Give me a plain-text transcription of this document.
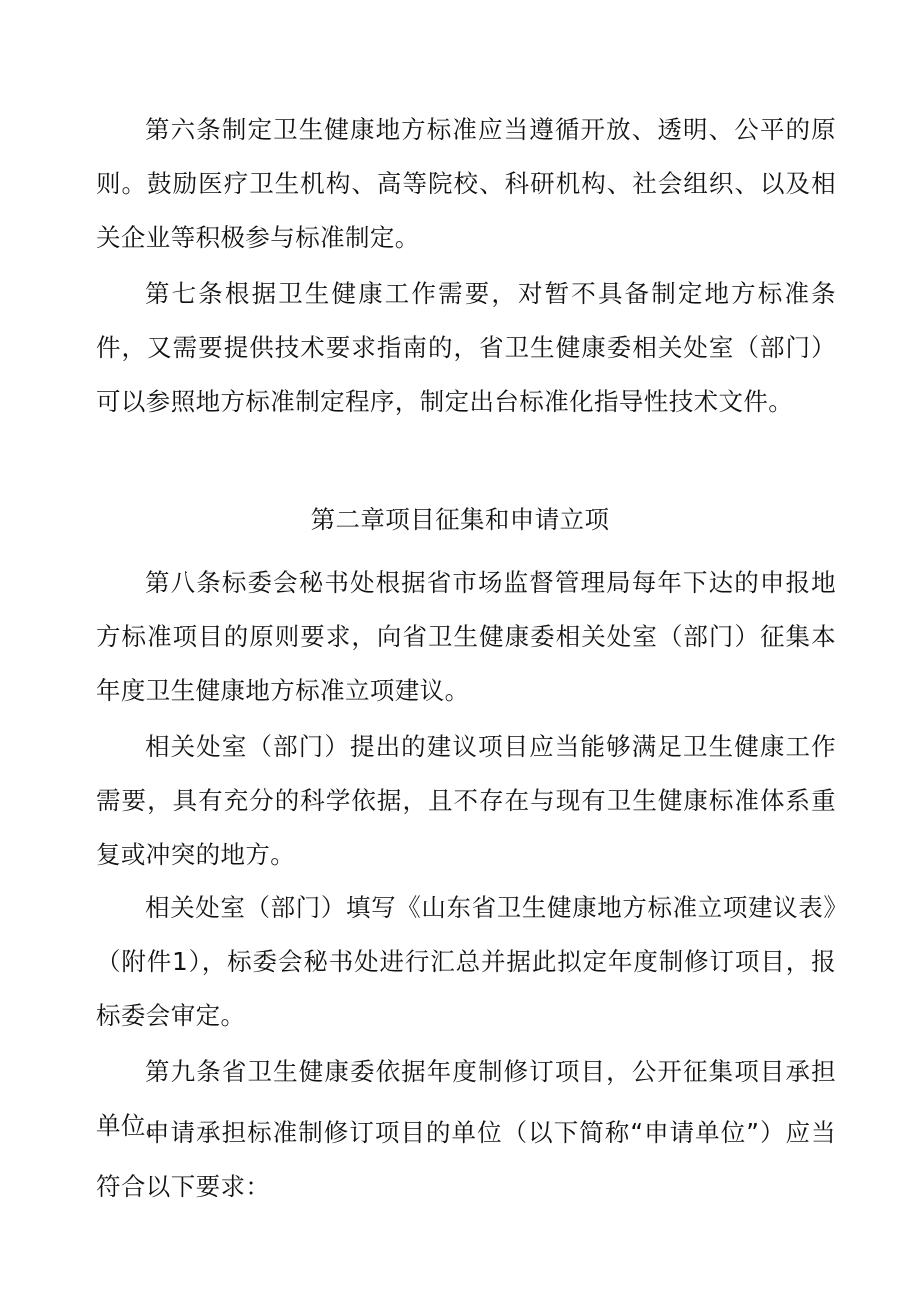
第六条制定卫生健康地方标准应当遵循开放、透明、公平的原则。鼓励医疗卫生机构、高等院校、科研机构、社会组织、以及相关企业等积极参与标准制定。

第七条根据卫生健康工作需要，对暂不具备制定地方标准条件，又需要提供技术要求指南的，省卫生健康委相关处室（部门）可以参照地方标准制定程序，制定出台标准化指导性技术文件。

第二章项目征集和申请立项

第八条标委会秘书处根据省市场监督管理局每年下达的申报地方标准项目的原则要求，向省卫生健康委相关处室（部门）征集本年度卫生健康地方标准立项建议。

相关处室（部门）提出的建议项目应当能够满足卫生健康工作需要，具有充分的科学依据，且不存在与现有卫生健康标准体系重复或冲突的地方。

相关处室（部门）填写《山东省卫生健康地方标准立项建议表》（附件1），标委会秘书处进行汇总并据此拟定年度制修订项目，报标委会审定。

第九条省卫生健康委依据年度制修订项目，公开征集项目承担单位。

申请承担标准制修订项目的单位（以下简称“申请单位”）应当符合以下要求：
